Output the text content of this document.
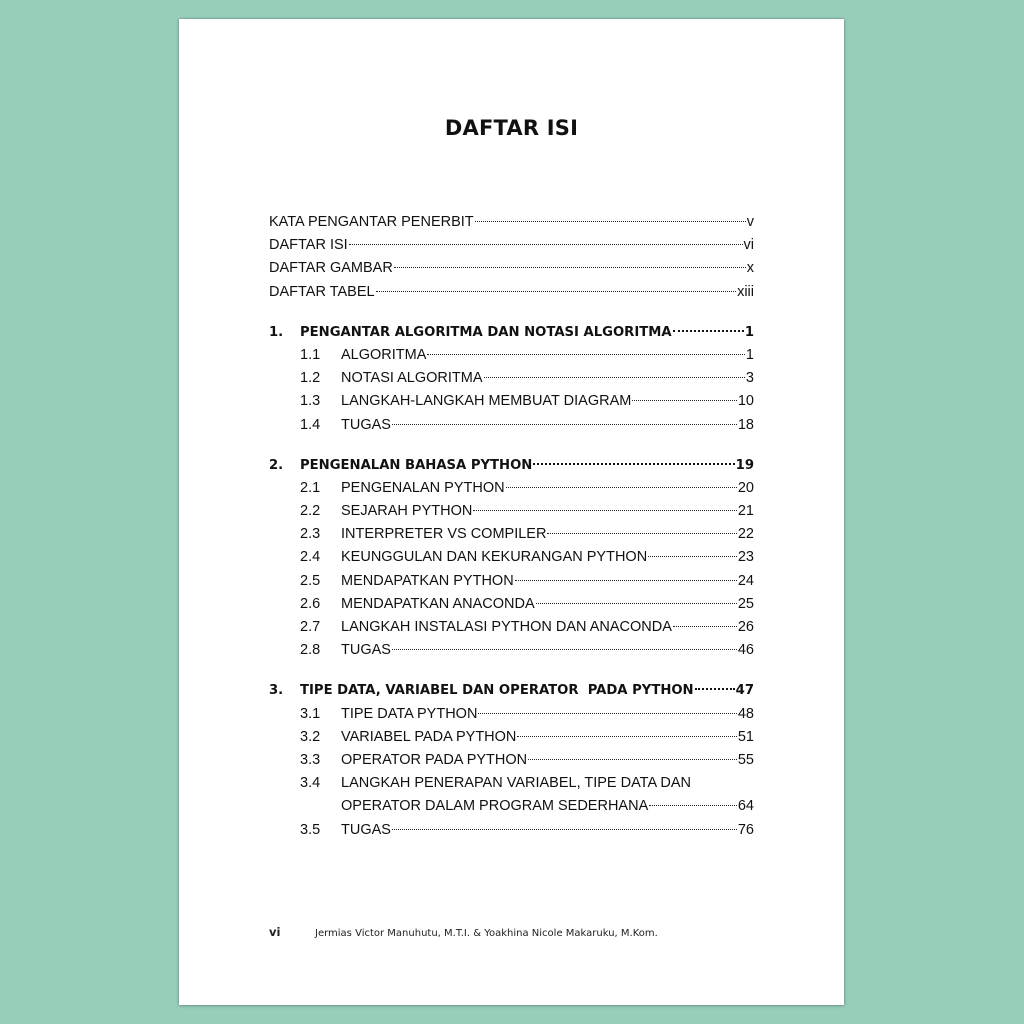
DAFTAR ISI
KATA PENGANTAR PENERBIT	v
DAFTAR ISI	vi
DAFTAR GAMBAR	x
DAFTAR TABEL	xiii
1.	PENGANTAR ALGORITMA DAN NOTASI ALGORITMA	1
1.1	ALGORITMA	1
1.2	NOTASI ALGORITMA	3
1.3	LANGKAH-LANGKAH MEMBUAT DIAGRAM	10
1.4	TUGAS	18
2.	PENGENALAN BAHASA PYTHON	19
2.1	PENGENALAN PYTHON	20
2.2	SEJARAH PYTHON	21
2.3	INTERPRETER VS COMPILER	22
2.4	KEUNGGULAN DAN KEKURANGAN PYTHON	23
2.5	MENDAPATKAN PYTHON	24
2.6	MENDAPATKAN ANACONDA	25
2.7	LANGKAH INSTALASI PYTHON DAN ANACONDA	26
2.8	TUGAS	46
3.	TIPE DATA, VARIABEL DAN OPERATOR  PADA PYTHON	47
3.1	TIPE DATA PYTHON	48
3.2	VARIABEL PADA PYTHON	51
3.3	OPERATOR PADA PYTHON	55
3.4	LANGKAH PENERAPAN VARIABEL, TIPE DATA DAN
OPERATOR DALAM PROGRAM SEDERHANA	64
3.5	TUGAS	76
vi	Jermias Victor Manuhutu, M.T.I. & Yoakhina Nicole Makaruku, M.Kom.
